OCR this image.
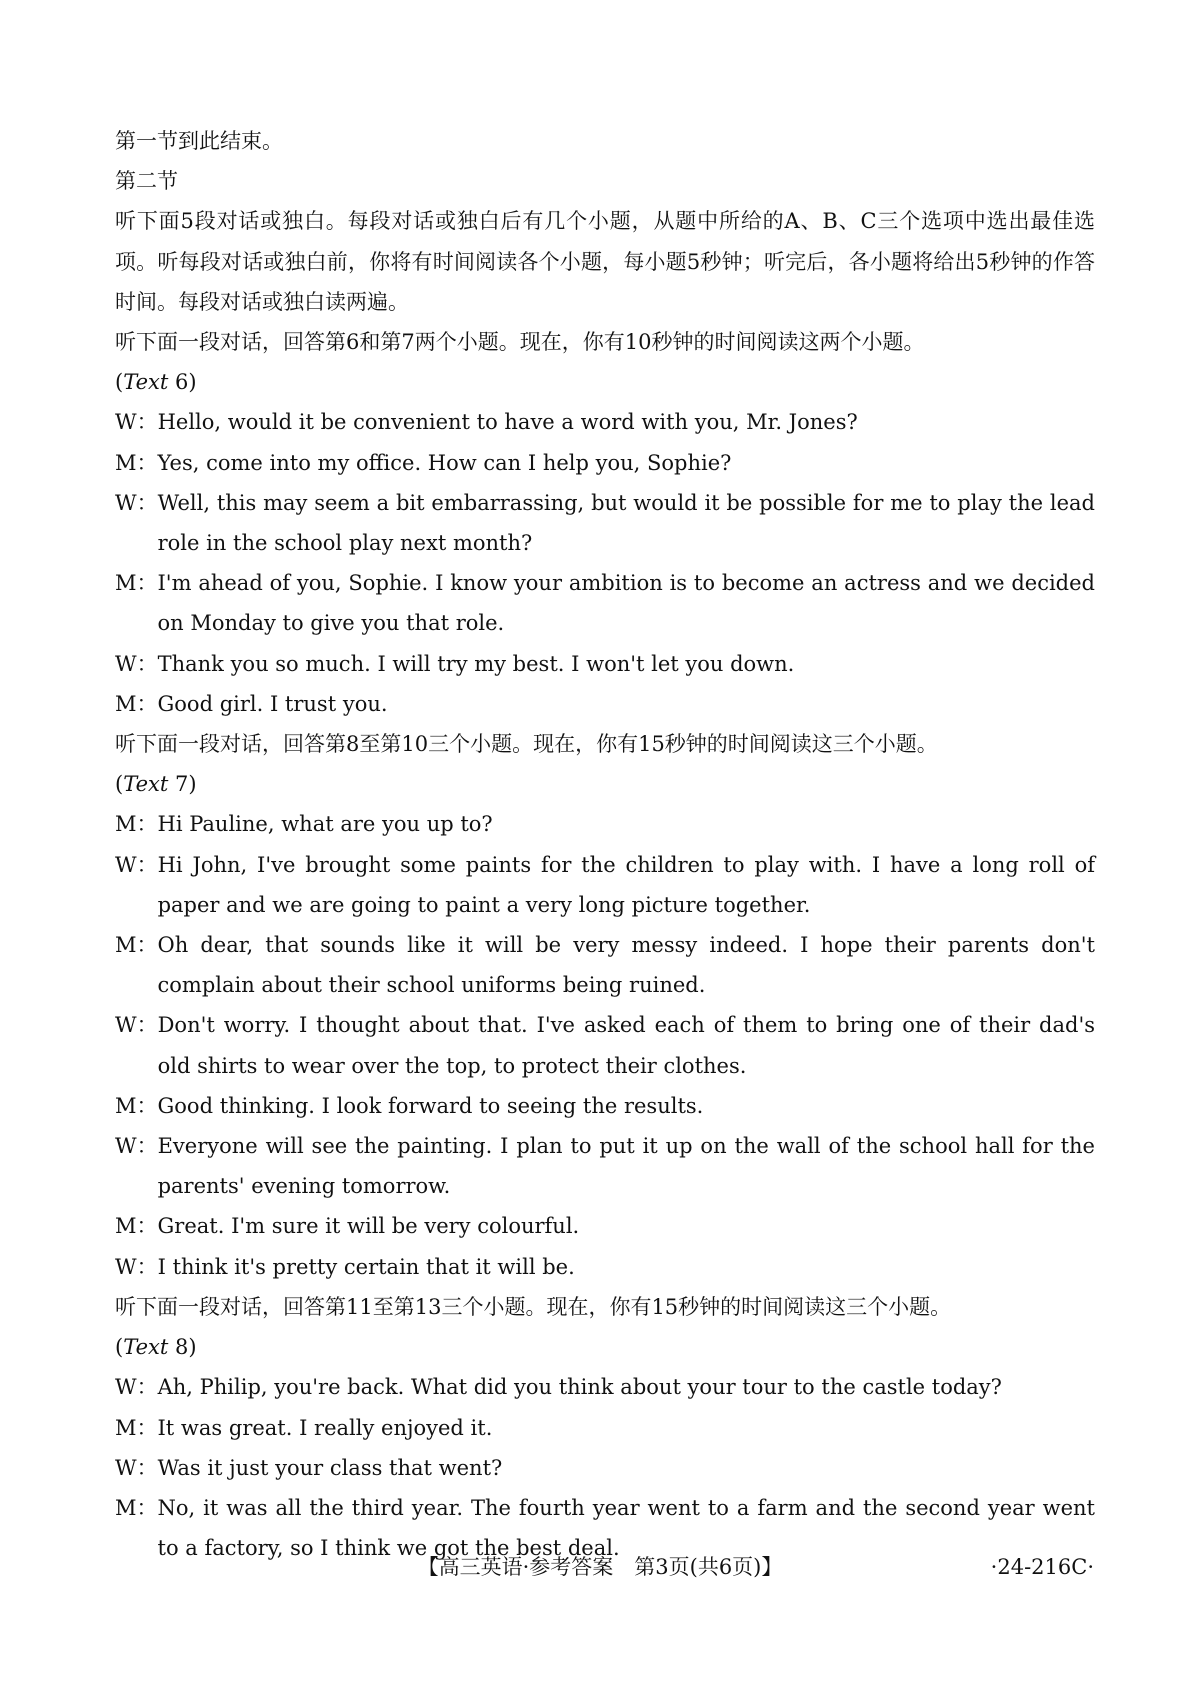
第一节到此结束。
第二节
听下面5段对话或独白。每段对话或独白后有几个小题，从题中所给的A、B、C三个选项中选出最佳选项。听每段对话或独白前，你将有时间阅读各个小题，每小题5秒钟；听完后，各小题将给出5秒钟的作答时间。每段对话或独白读两遍。
听下面一段对话，回答第6和第7两个小题。现在，你有10秒钟的时间阅读这两个小题。
(Text 6)
W： Hello, would it be convenient to have a word with you, Mr. Jones?
M： Yes, come into my office. How can I help you, Sophie?
W： Well, this may seem a bit embarrassing, but would it be possible for me to play the lead role in the school play next month?
M： I'm ahead of you, Sophie. I know your ambition is to become an actress and we decided on Monday to give you that role.
W： Thank you so much. I will try my best. I won't let you down.
M： Good girl. I trust you.
听下面一段对话，回答第8至第10三个小题。现在，你有15秒钟的时间阅读这三个小题。
(Text 7)
M： Hi Pauline, what are you up to?
W： Hi John, I've brought some paints for the children to play with. I have a long roll of paper and we are going to paint a very long picture together.
M： Oh dear, that sounds like it will be very messy indeed. I hope their parents don't complain about their school uniforms being ruined.
W： Don't worry. I thought about that. I've asked each of them to bring one of their dad's old shirts to wear over the top, to protect their clothes.
M： Good thinking. I look forward to seeing the results.
W： Everyone will see the painting. I plan to put it up on the wall of the school hall for the parents' evening tomorrow.
M： Great. I'm sure it will be very colourful.
W： I think it's pretty certain that it will be.
听下面一段对话，回答第11至第13三个小题。现在，你有15秒钟的时间阅读这三个小题。
(Text 8)
W： Ah, Philip, you're back. What did you think about your tour to the castle today?
M： It was great. I really enjoyed it.
W： Was it just your class that went?
M： No, it was all the third year. The fourth year went to a farm and the second year went to a factory, so I think we got the best deal.
【高三英语·参考答案　第3页(共6页)】	·24-216C·
